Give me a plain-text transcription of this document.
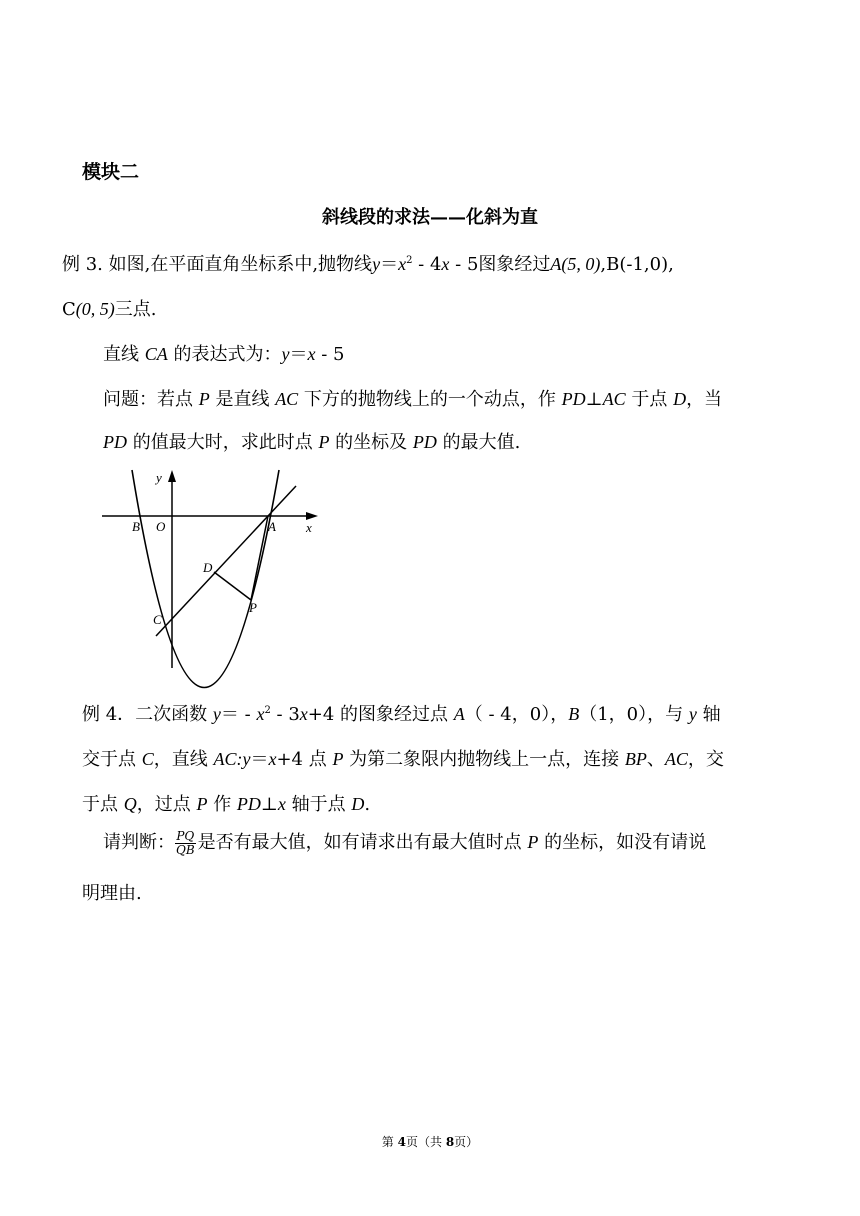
模块二
斜线段的求法——化斜为直
例 3. 如图,在平面直角坐标系中,抛物线$y=x^2 - 4x - 5$图象经过A(5, 0),B(-1,0),
C(0, 5)三点.
直线 CA 的表达式为：y＝x - 5
问题：若点 P 是直线 AC 下方的抛物线上的一个动点，作 PD⊥AC 于点 D，当
PD 的值最大时，求此时点 P 的坐标及 PD 的最大值.
y
x
B O	A
D
P
C
例 4．二次函数 $y= - x^2 - 3x+4$ 的图象经过点 A（ - 4，0），B（1，0），与 y 轴
交于点 C，直线 AC:y＝x+4 点 P 为第二象限内抛物线上一点，连接 BP、AC，交
于点 Q，过点 P 作 PD⊥x 轴于点 D.
请判断： $\frac{PQ}{QB}$ 是否有最大值，如有请求出有最大值时点 P 的坐标，如没有请说
明理由.
第 4页（共 8页）
